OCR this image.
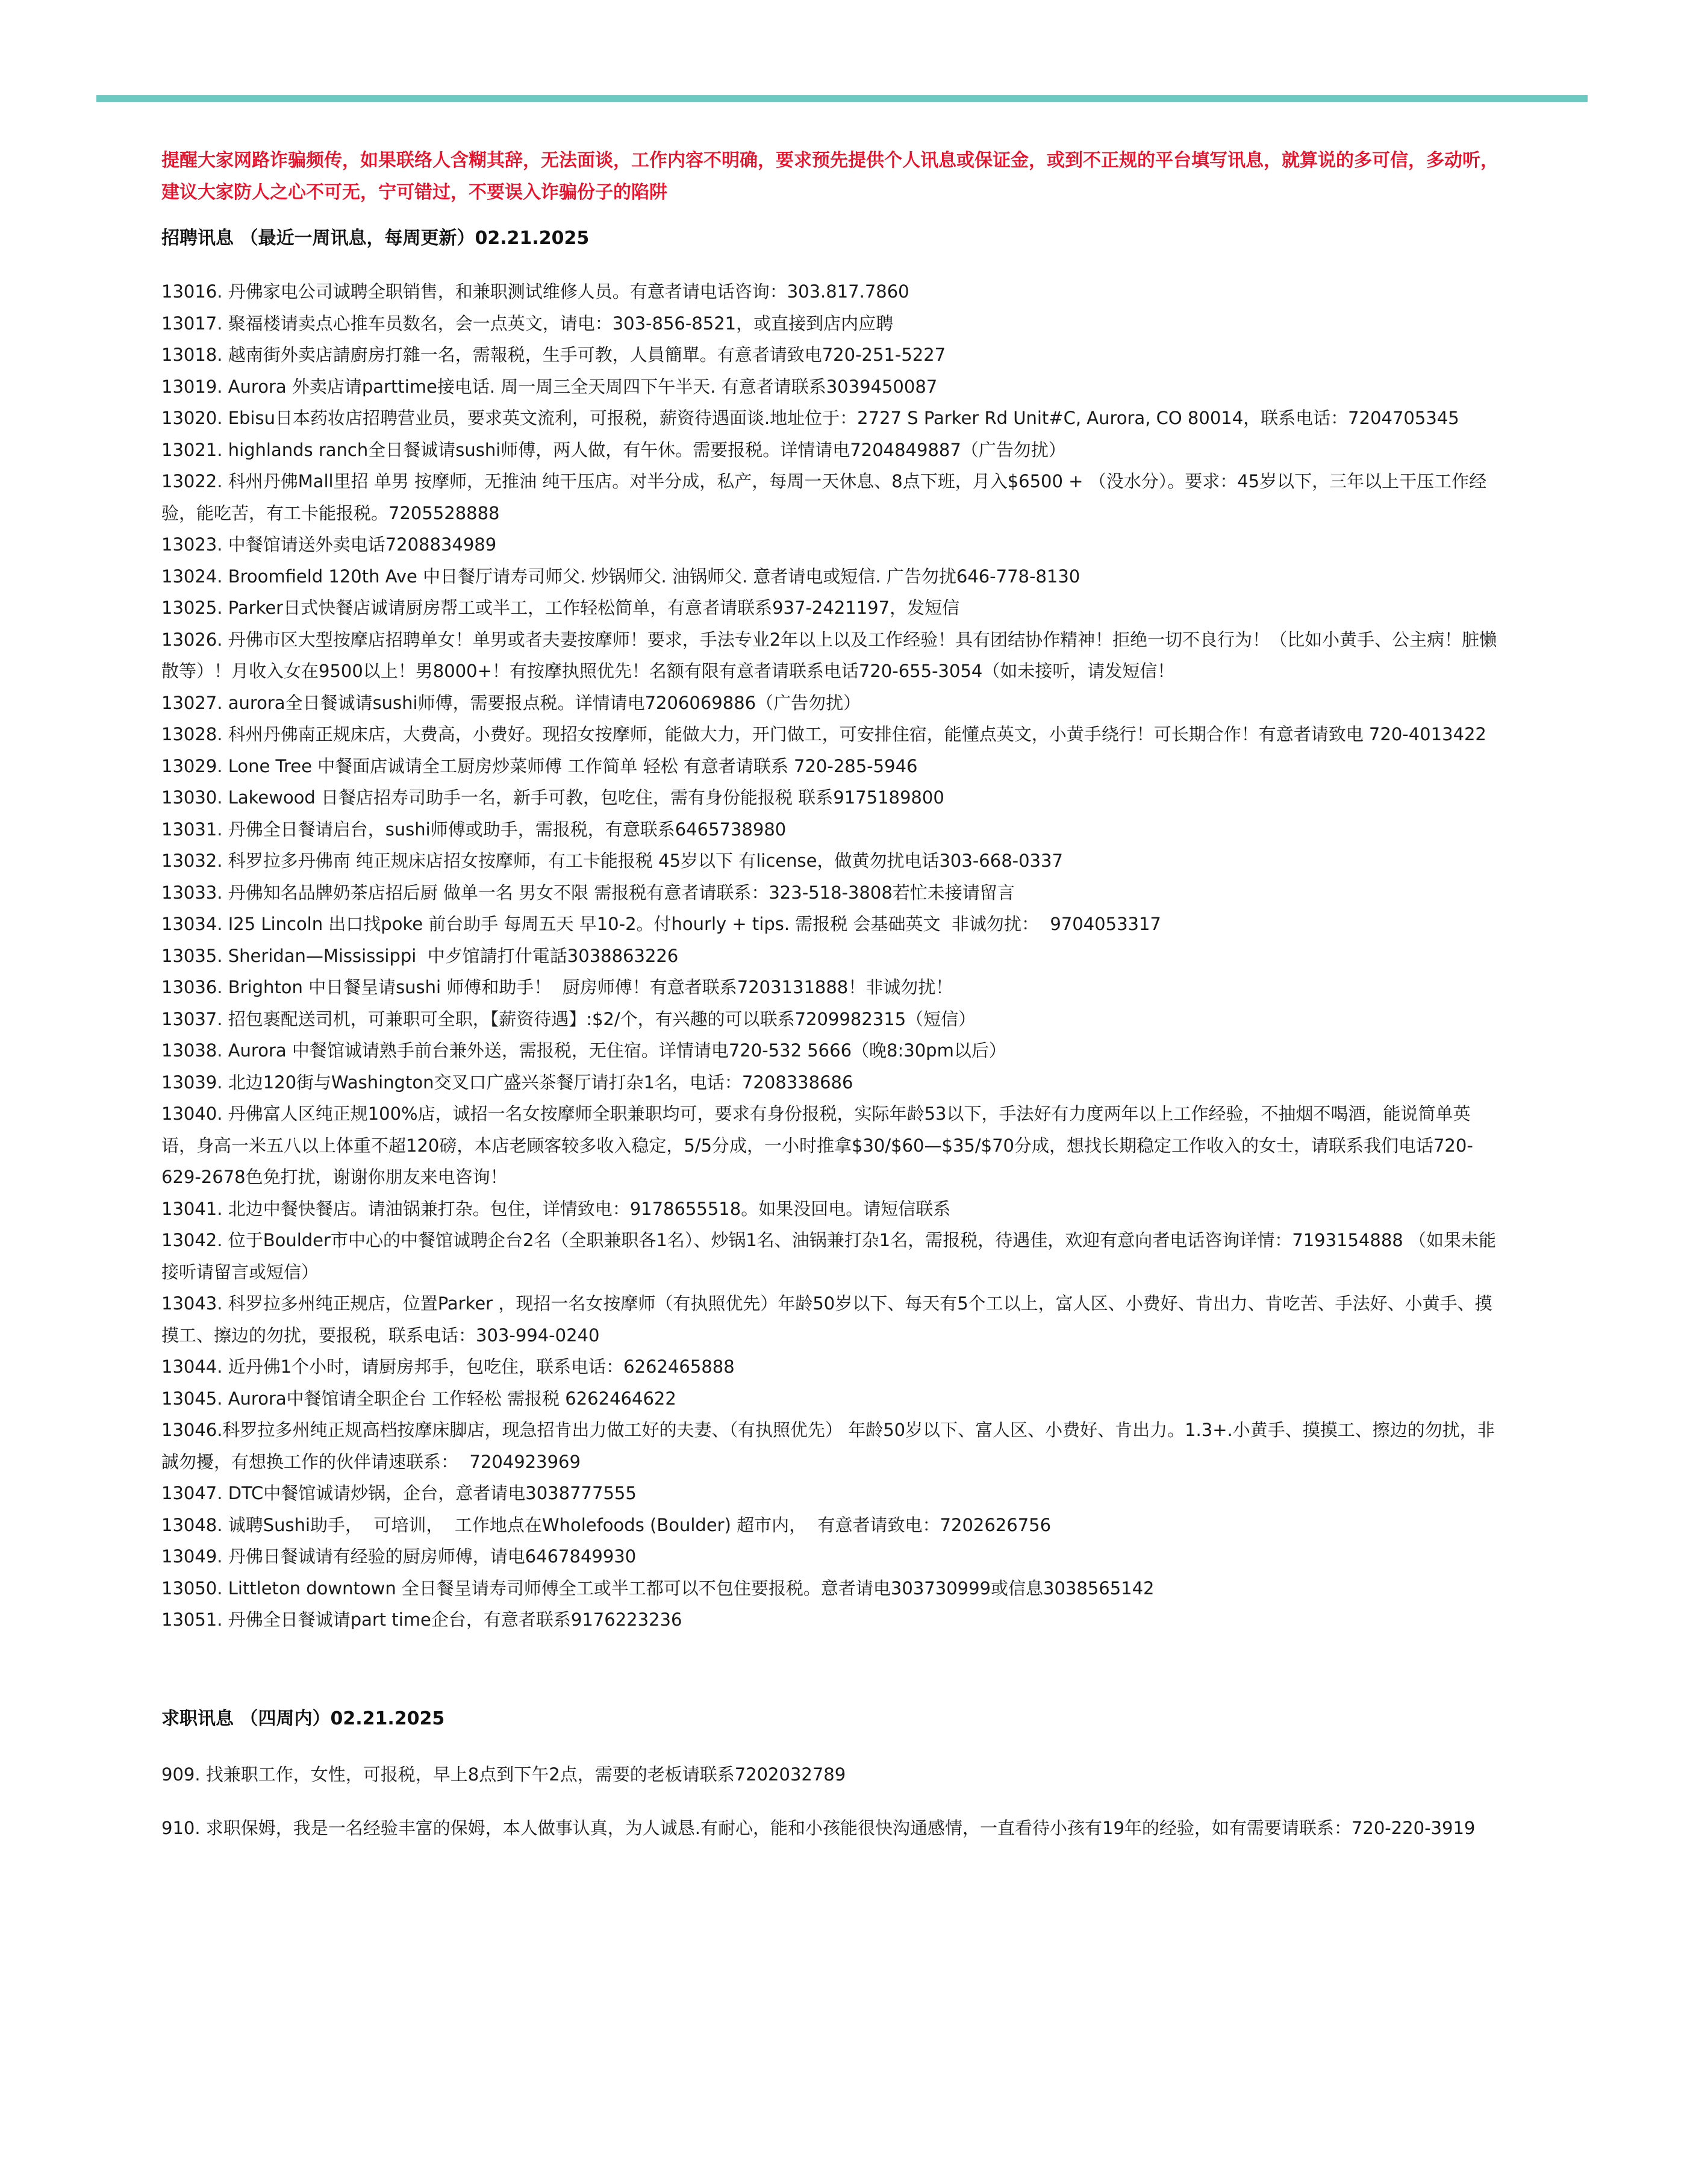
提醒大家网路诈骗频传，如果联络人含糊其辞，无法面谈，工作内容不明确，要求预先提供个人讯息或保证金，或到不正规的平台填写讯息，就算说的多可信，多动听，建议大家防人之心不可无，宁可错过，不要误入诈骗份子的陷阱

招聘讯息 （最近一周讯息，每周更新）02.21.2025
13016. 丹佛家电公司诚聘全职销售，和兼职测试维修人员。有意者请电话咨询：303.817.7860
13017. 聚福楼请卖点心推车员数名，会一点英文，请电：303-856-8521，或直接到店内应聘
13018. 越南街外卖店請廚房打雜一名，需報税，生手可教，人員簡單。有意者请致电720-251-5227
13019. Aurora 外卖店请parttime接电话. 周一周三全天周四下午半天. 有意者请联系3039450087
13020. Ebisu日本药妆店招聘营业员，要求英文流利，可报税，薪资待遇面谈.地址位于：2727 S Parker Rd Unit#C, Aurora, CO 80014，联系电话：7204705345
13021. highlands ranch全日餐诚请sushi师傅，两人做，有午休。需要报税。详情请电7204849887（广告勿扰）
13022. 科州丹佛Mall里招 单男 按摩师，无推油 纯干压店。对半分成，私产，每周一天休息、8点下班，月入$6500 + （没水分）。要求：45岁以下，三年以上干压工作经验，能吃苦，有工卡能报税。7205528888
13023. 中餐馆请送外卖电话7208834989
13024. Broomfield 120th Ave 中日餐厅请寿司师父. 炒锅师父. 油锅师父. 意者请电或短信. 广告勿扰646-778-8130
13025. Parker日式快餐店诚请厨房帮工或半工，工作轻松简单，有意者请联系937-2421197，发短信
13026. 丹佛市区大型按摩店招聘单女！单男或者夫妻按摩师！要求，手法专业2年以上以及工作经验！具有团结协作精神！拒绝一切不良行为！（比如小黄手、公主病！脏懒散等）！月收入女在9500以上！男8000+！有按摩执照优先！名额有限有意者请联系电话720-655-3054（如未接听，请发短信！
13027. aurora全日餐诚请sushi师傅，需要报点税。详情请电7206069886（广告勿扰）
13028. 科州丹佛南正规床店，大费高，小费好。现招女按摩师，能做大力，开门做工，可安排住宿，能懂点英文，小黄手绕行！可长期合作！有意者请致电 720-4013422
13029. Lone Tree 中餐面店诚请全工厨房炒菜师傅 工作简单 轻松 有意者请联系 720-285-5946
13030. Lakewood 日餐店招寿司助手一名，新手可教，包吃住，需有身份能报税 联系9175189800
13031. 丹佛全日餐请启台，sushi师傅或助手，需报税，有意联系6465738980
13032. 科罗拉多丹佛南 纯正规床店招女按摩师，有工卡能报税 45岁以下 有license，做黄勿扰电话303-668-0337
13033. 丹佛知名品牌奶茶店招后厨 做单一名 男女不限 需报税有意者请联系：323-518-3808若忙未接请留言
13034. I25 Lincoln 出口找poke 前台助手 每周五天 早10-2。付hourly + tips. 需报税 会基础英文  非诚勿扰：  9704053317
13035. Sheridan—Mississippi  中歺馆請打什電話3038863226
13036. Brighton 中日餐呈请sushi 师傅和助手！  厨房师傅！有意者联系7203131888！非诚勿扰！
13037. 招包裹配送司机，可兼职可全职，【薪资待遇】:$2/个，有兴趣的可以联系7209982315（短信）
13038. Aurora 中餐馆诚请熟手前台兼外送，需报税，无住宿。详情请电720-532 5666（晚8:30pm以后）
13039. 北边120街与Washington交叉口广盛兴茶餐厅请打杂1名，电话：7208338686
13040. 丹佛富人区纯正规100%店，诚招一名女按摩师全职兼职均可，要求有身份报税，实际年龄53以下，手法好有力度两年以上工作经验，不抽烟不喝酒，能说简单英语，身高一米五八以上体重不超120磅，本店老顾客较多收入稳定，5/5分成，一小时推拿$30/$60—$35/$70分成，想找长期稳定工作收入的女士，请联系我们电话720-629-2678色免打扰，谢谢你朋友来电咨询！
13041. 北边中餐快餐店。请油锅兼打杂。包住，详情致电：9178655518。如果没回电。请短信联系
13042. 位于Boulder市中心的中餐馆诚聘企台2名（全职兼职各1名）、炒锅1名、油锅兼打杂1名，需报税，待遇佳，欢迎有意向者电话咨询详情：7193154888 （如果未能接听请留言或短信）
13043. 科罗拉多州纯正规店，位置Parker ，现招一名女按摩师（有执照优先）年龄50岁以下、每天有5个工以上，富人区、小费好、肯出力、肯吃苦、手法好、小黄手、摸摸工、擦边的勿扰，要报税，联系电话：303-994-0240
13044. 近丹佛1个小时，请厨房邦手，包吃住，联系电话：6262465888
13045. Aurora中餐馆请全职企台 工作轻松 需报税 6262464622
13046.科罗拉多州纯正规高档按摩床脚店，现急招肯出力做工好的夫妻、（有执照优先） 年龄50岁以下、富人区、小费好、肯出力。1.3+.小黄手、摸摸工、擦边的勿扰，非誠勿擾，有想换工作的伙伴请速联系：  7204923969
13047. DTC中餐馆诚请炒锅，企台，意者请电3038777555
13048. 诚聘Sushi助手，  可培训，  工作地点在Wholefoods (Boulder) 超市内，  有意者请致电：7202626756
13049. 丹佛日餐诚请有经验的厨房师傅，请电6467849930
13050. Littleton downtown 全日餐呈请寿司师傅全工或半工都可以不包住要报税。意者请电303730999或信息3038565142
13051. 丹佛全日餐诚请part time企台，有意者联系9176223236
求职讯息 （四周内）02.21.2025
909. 找兼职工作，女性，可报税，早上8点到下午2点，需要的老板请联系7202032789
910. 求职保姆，我是一名经验丰富的保姆，本人做事认真，为人诚恳.有耐心，能和小孩能很快沟通感情，一直看待小孩有19年的经验，如有需要请联系：720-220-3919
